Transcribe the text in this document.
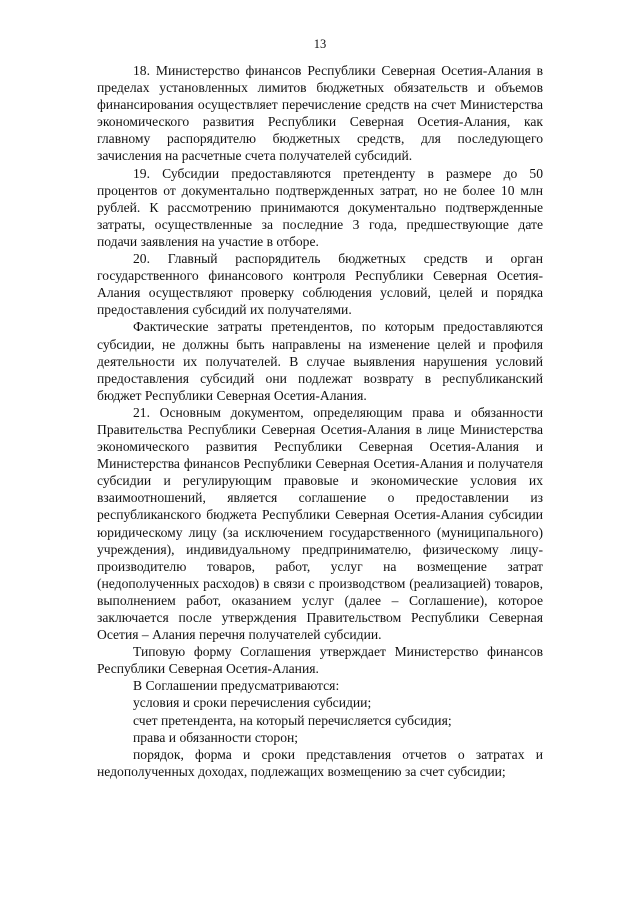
13

18. Министерство финансов Республики Северная Осетия-Алания в пределах установленных лимитов бюджетных обязательств и объемов финансирования осуществляет перечисление средств на счет Министерства экономического развития Республики Северная Осетия-Алания, как главному распорядителю бюджетных средств, для последующего зачисления на расчетные счета получателей субсидий.

19. Субсидии предоставляются претенденту в размере до 50 процентов от документально подтвержденных затрат, но не более 10 млн рублей. К рассмотрению принимаются документально подтвержденные затраты, осуществленные за последние 3 года, предшествующие дате подачи заявления на участие в отборе.

20. Главный распорядитель бюджетных средств и орган государственного финансового контроля Республики Северная Осетия-Алания осуществляют проверку соблюдения условий, целей и порядка предоставления субсидий их получателями.

Фактические затраты претендентов, по которым предоставляются субсидии, не должны быть направлены на изменение целей и профиля деятельности их получателей. В случае выявления нарушения условий предоставления субсидий они подлежат возврату в республиканский бюджет Республики Северная Осетия-Алания.

21. Основным документом, определяющим права и обязанности Правительства Республики Северная Осетия-Алания в лице Министерства экономического развития Республики Северная Осетия-Алания и Министерства финансов Республики Северная Осетия-Алания и получателя субсидии и регулирующим правовые и экономические условия их взаимоотношений, является соглашение о предоставлении из республиканского бюджета Республики Северная Осетия-Алания субсидии юридическому лицу (за исключением государственного (муниципального) учреждения), индивидуальному предпринимателю, физическому лицу-производителю товаров, работ, услуг на возмещение затрат (недополученных расходов) в связи с производством (реализацией) товаров, выполнением работ, оказанием услуг (далее – Соглашение), которое заключается после утверждения Правительством Республики Северная Осетия – Алания перечня получателей субсидии.

Типовую форму Соглашения утверждает Министерство финансов Республики Северная Осетия-Алания.

В Соглашении предусматриваются:

условия и сроки перечисления субсидии;

счет претендента, на который перечисляется субсидия;

права и обязанности сторон;

порядок, форма и сроки представления отчетов о затратах и недополученных доходах, подлежащих возмещению за счет субсидии;
